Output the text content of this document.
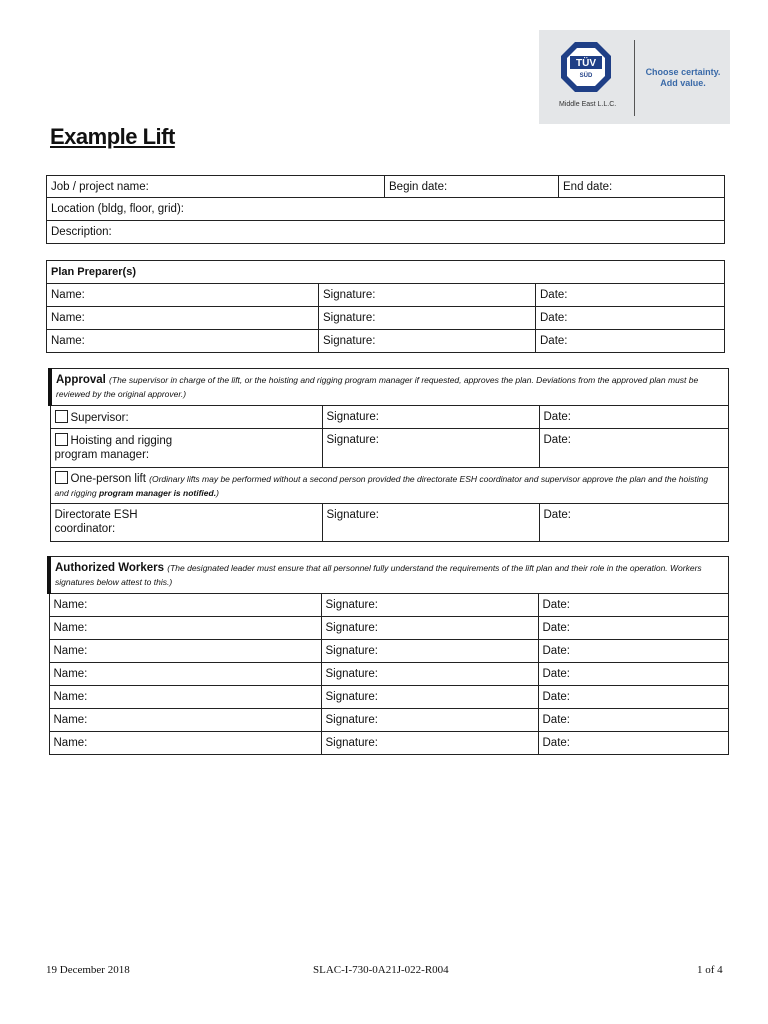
TÜV
SÜD
Middle East L.L.C.
Choose certainty.
Add value.
Example Lift
Job / project name:	Begin date:	End date:
Location (bldg, floor, grid):
Description:
Plan Preparer(s)		
Name:	Signature:	Date:
Name:	Signature:	Date:
Name:	Signature:	Date:
Approval (The supervisor in charge of the lift, or the hoisting and rigging program manager if requested, approves the plan. Deviations from the approved plan must be reviewed by the original approver.)		
Supervisor:	Signature:	Date:
Hoisting and rigging
program manager:	Signature:	Date:
One-person lift (Ordinary lifts may be performed without a second person provided the directorate ESH coordinator and supervisor approve the plan and the hoisting and rigging program manager is notified.)		
Directorate ESH
coordinator:	Signature:	Date:
Authorized Workers (The designated leader must ensure that all personnel fully understand the requirements of the lift plan and their role in the operation. Workers signatures below attest to this.)		
Name:	Signature:	Date:
Name:	Signature:	Date:
Name:	Signature:	Date:
Name:	Signature:	Date:
Name:	Signature:	Date:
Name:	Signature:	Date:
Name:	Signature:	Date:
19 December 2018	SLAC-I-730-0A21J-022-R004	1 of 4
